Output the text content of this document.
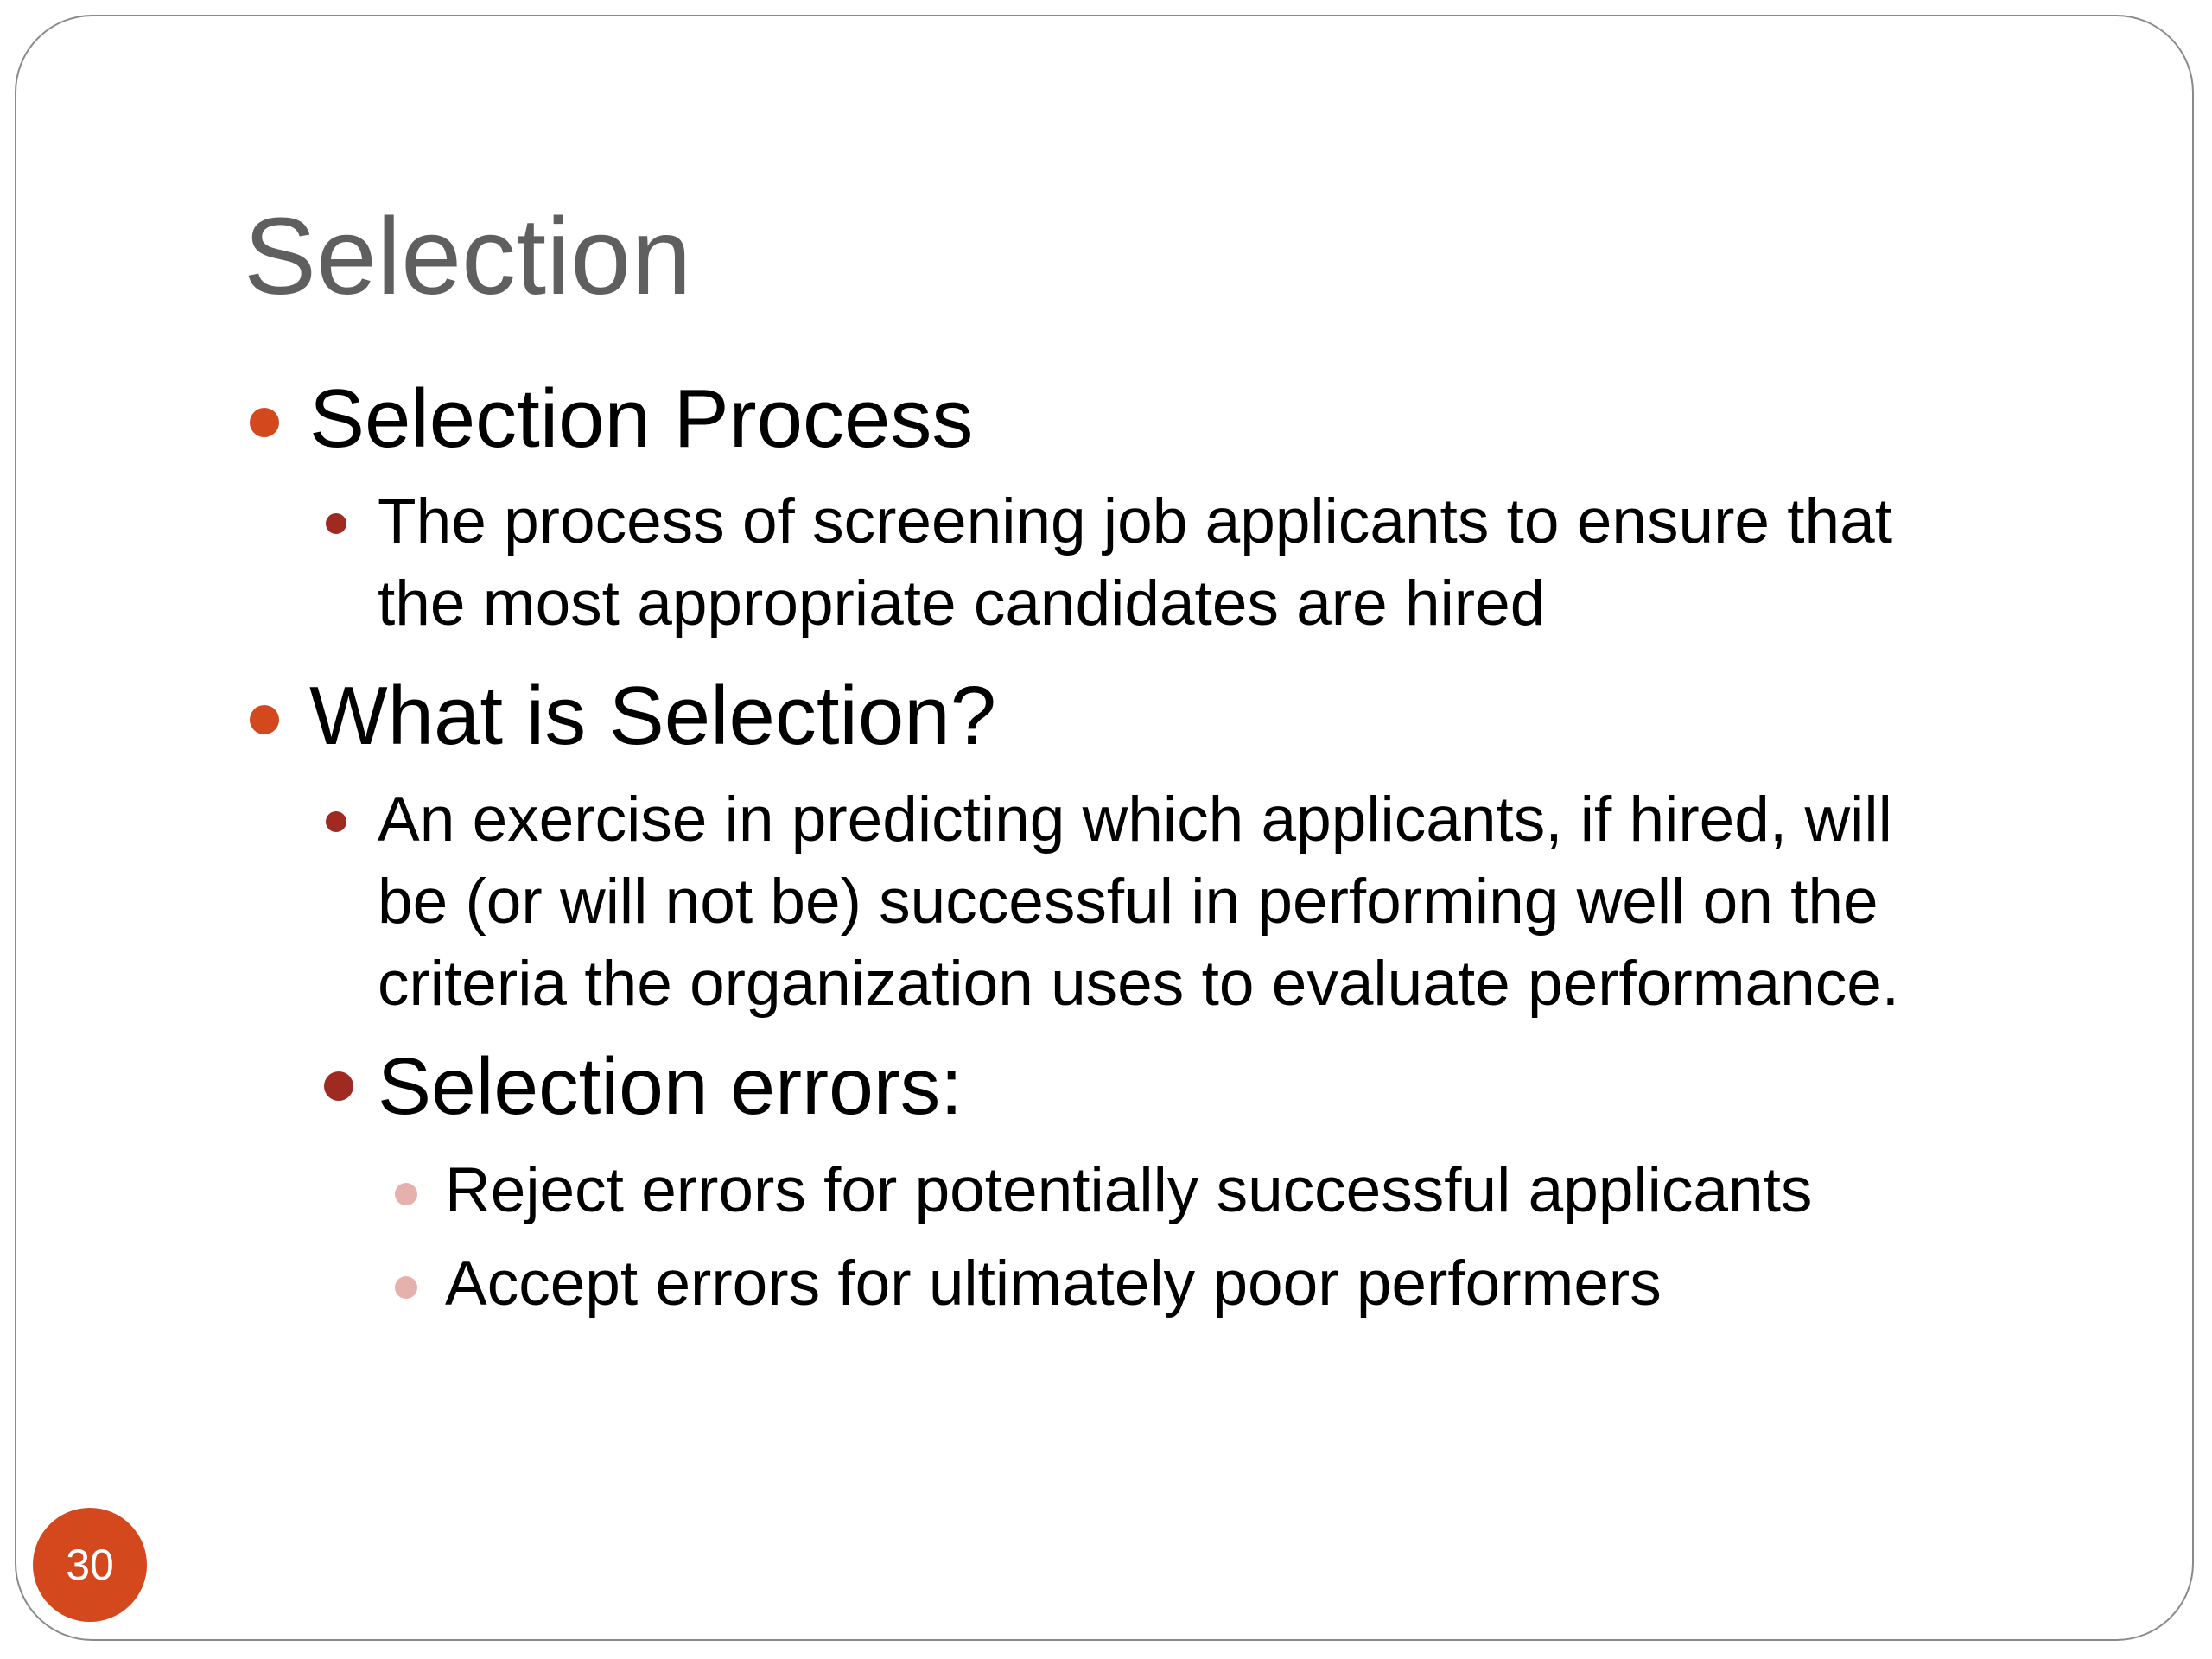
Selection
Selection Process
The process of screening job applicants to ensure that
the most appropriate candidates are hired
What is Selection?
An exercise in predicting which applicants, if hired, will
be (or will not be) successful in performing well on the
criteria the organization uses to evaluate performance.
Selection errors:
Reject errors for potentially successful applicants
Accept errors for ultimately poor performers
30
